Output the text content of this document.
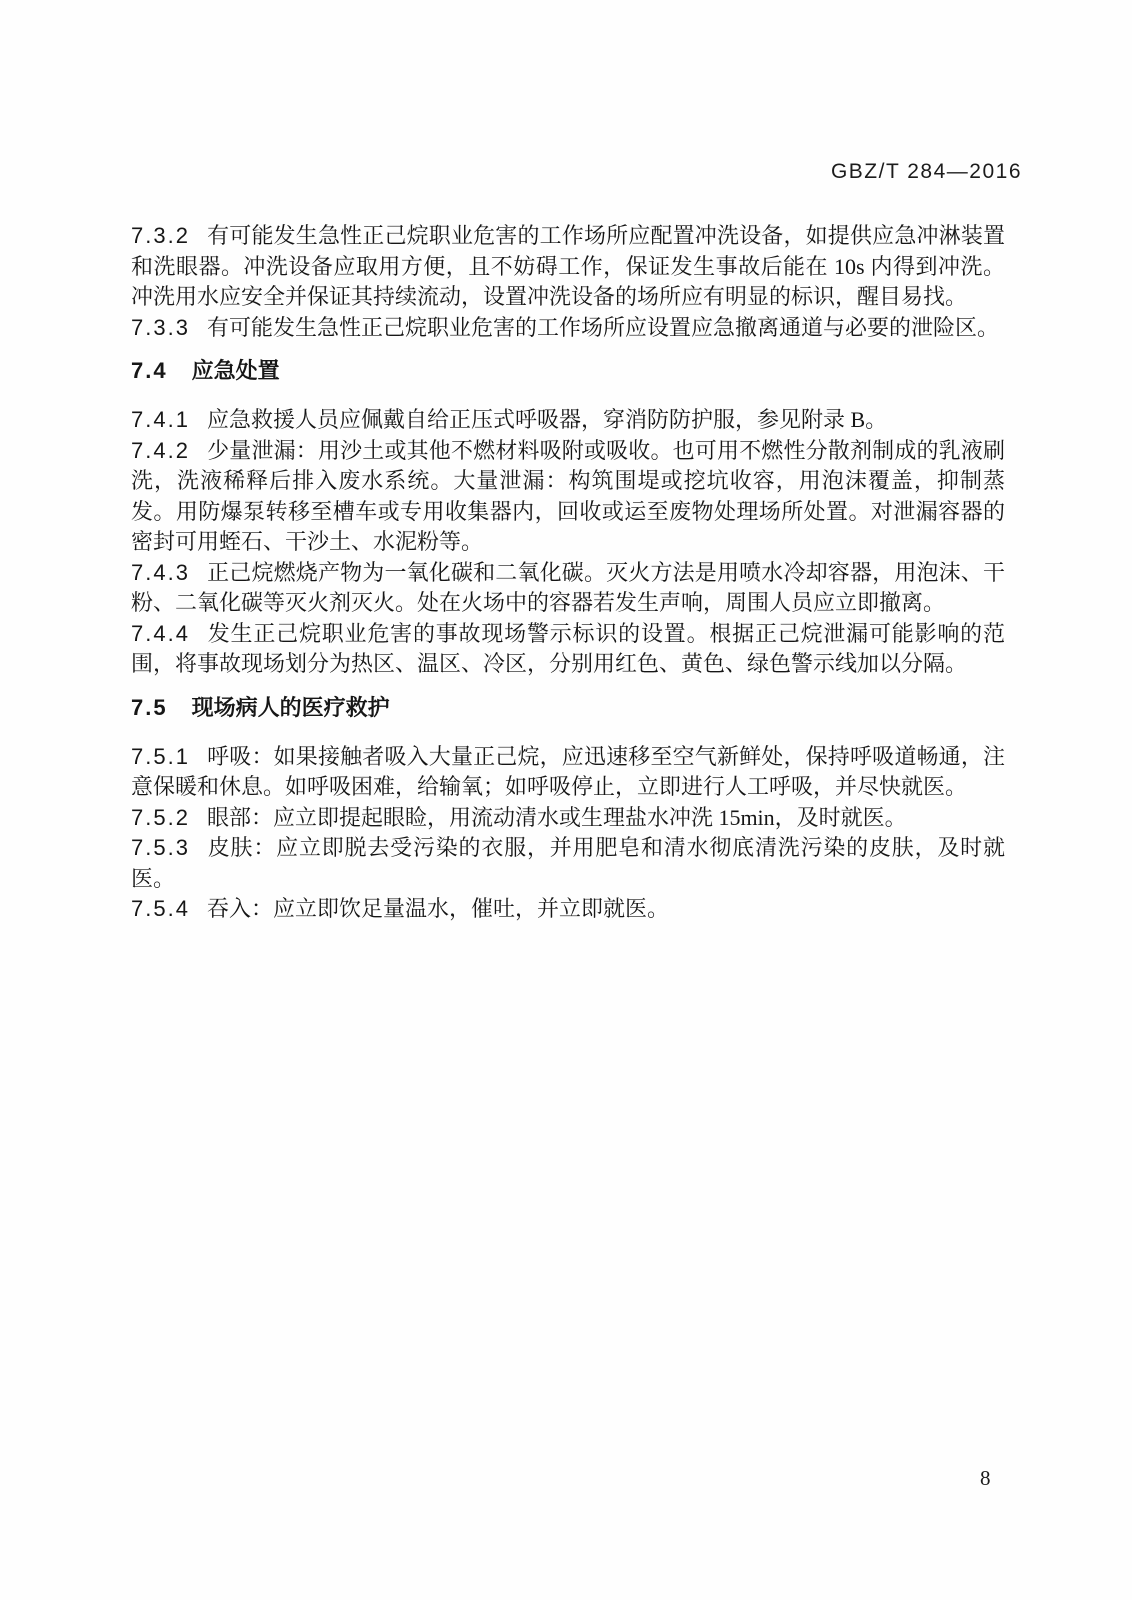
GBZ/T 284—2016

7.3.2 有可能发生急性正己烷职业危害的工作场所应配置冲洗设备，如提供应急冲淋装置和洗眼器。冲洗设备应取用方便，且不妨碍工作，保证发生事故后能在 10s 内得到冲洗。冲洗用水应安全并保证其持续流动，设置冲洗设备的场所应有明显的标识，醒目易找。

7.3.3 有可能发生急性正己烷职业危害的工作场所应设置应急撤离通道与必要的泄险区。

7.4 应急处置

7.4.1 应急救援人员应佩戴自给正压式呼吸器，穿消防防护服，参见附录 B。

7.4.2 少量泄漏：用沙土或其他不燃材料吸附或吸收。也可用不燃性分散剂制成的乳液刷洗，洗液稀释后排入废水系统。大量泄漏：构筑围堤或挖坑收容，用泡沫覆盖，抑制蒸发。用防爆泵转移至槽车或专用收集器内，回收或运至废物处理场所处置。对泄漏容器的密封可用蛭石、干沙土、水泥粉等。

7.4.3 正己烷燃烧产物为一氧化碳和二氧化碳。灭火方法是用喷水冷却容器，用泡沫、干粉、二氧化碳等灭火剂灭火。处在火场中的容器若发生声响，周围人员应立即撤离。

7.4.4 发生正己烷职业危害的事故现场警示标识的设置。根据正己烷泄漏可能影响的范围，将事故现场划分为热区、温区、冷区，分别用红色、黄色、绿色警示线加以分隔。

7.5 现场病人的医疗救护

7.5.1 呼吸：如果接触者吸入大量正己烷，应迅速移至空气新鲜处，保持呼吸道畅通，注意保暖和休息。如呼吸困难，给输氧；如呼吸停止，立即进行人工呼吸，并尽快就医。

7.5.2 眼部：应立即提起眼睑，用流动清水或生理盐水冲洗 15min，及时就医。

7.5.3 皮肤：应立即脱去受污染的衣服，并用肥皂和清水彻底清洗污染的皮肤，及时就医。

7.5.4 吞入：应立即饮足量温水，催吐，并立即就医。

8
